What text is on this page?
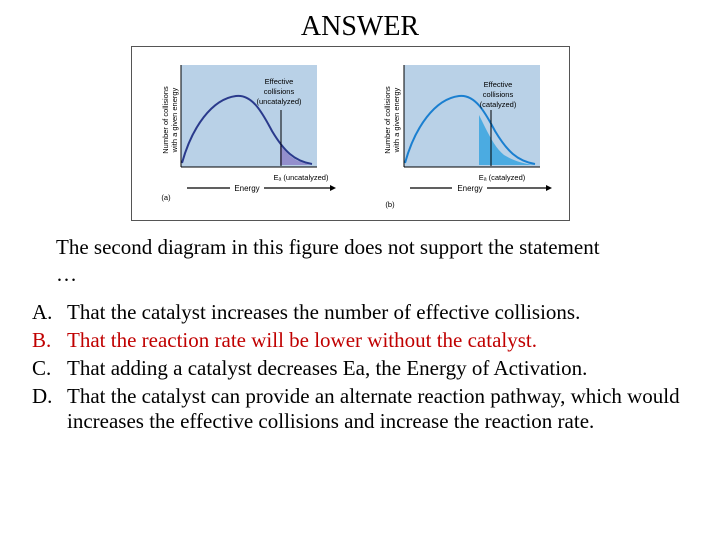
ANSWER
Number of collisions with a given energy
Effective
collisions
(uncatalyzed)
Eₐ (uncatalyzed)
Energy
(a)
Number of collisions with a given energy
Effective
collisions
(catalyzed)
Eₐ (catalyzed)
Energy
(b)
The second diagram in this figure does not support the statement …
A. That the catalyst increases the number of effective collisions.
B. That the reaction rate will be lower without the catalyst.
C. That adding a catalyst decreases Ea, the Energy of Activation.
D. That the catalyst can provide an alternate reaction pathway, which would increases the effective collisions and increase the reaction rate.
